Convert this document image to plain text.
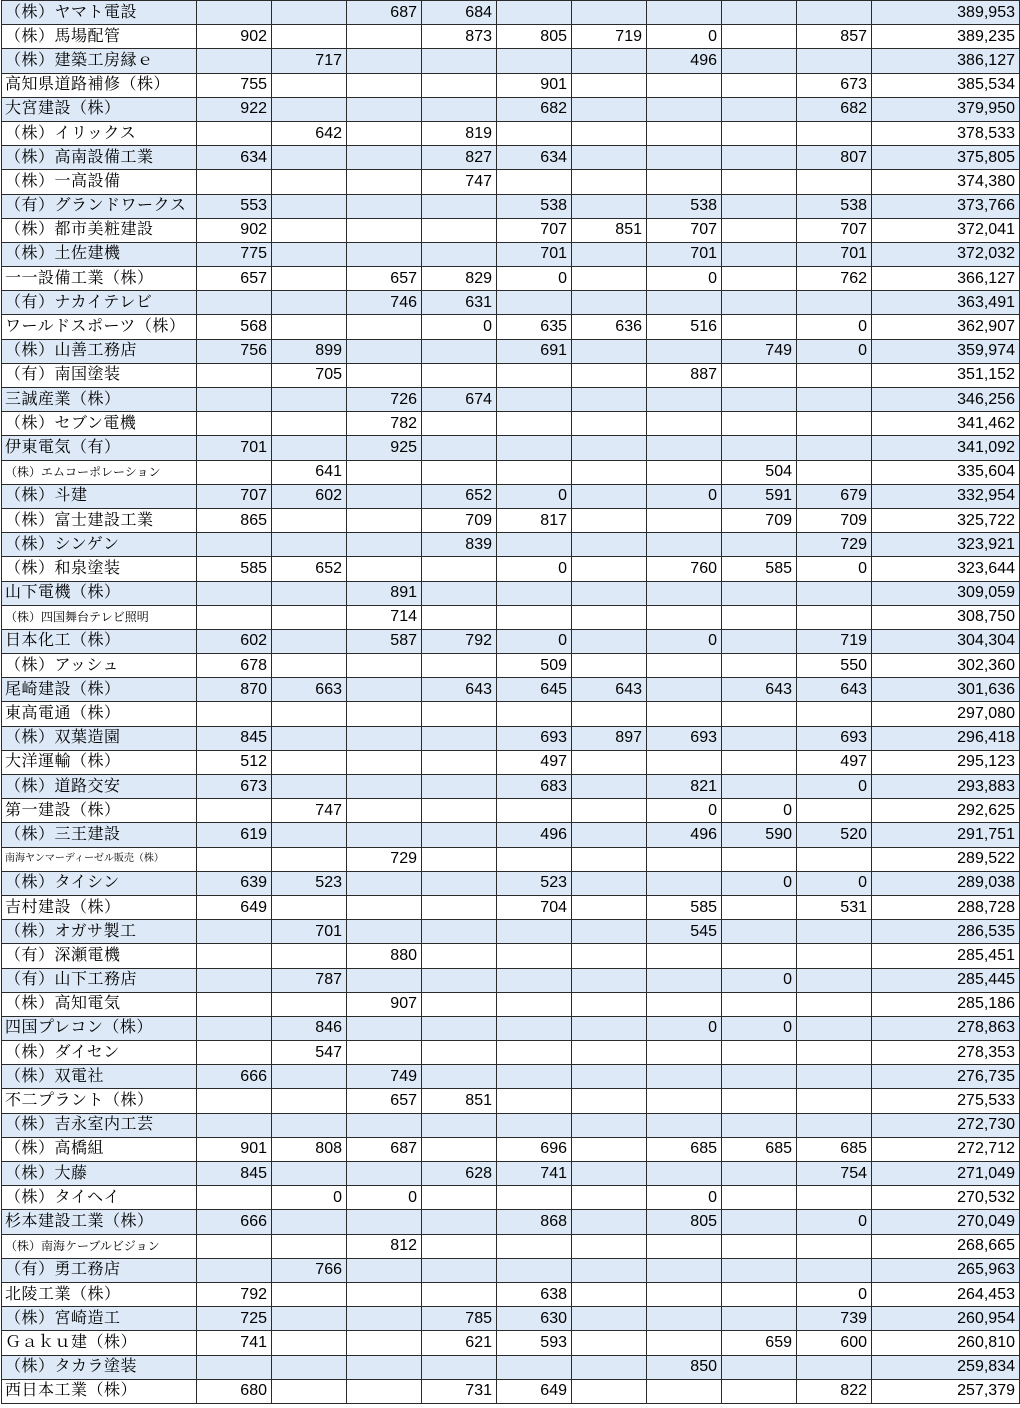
（株）ヤマト電設			687	684						389,953
（株）馬場配管	902			873	805	719	0		857	389,235
（株）建築工房縁ｅ		717					496			386,127
高知県道路補修（株）	755				901				673	385,534
大宮建設（株）	922				682				682	379,950
（株）イリックス		642		819						378,533
（株）高南設備工業	634			827	634				807	375,805
（株）一高設備				747						374,380
（有）グランドワークス	553				538		538		538	373,766
（株）都市美粧建設	902				707	851	707		707	372,041
（株）土佐建機	775				701		701		701	372,032
一一設備工業（株）	657		657	829	0		0		762	366,127
（有）ナカイテレビ			746	631						363,491
ワールドスポーツ（株）	568			0	635	636	516		0	362,907
（株）山善工務店	756	899			691			749	0	359,974
（有）南国塗装		705					887			351,152
三誠産業（株）			726	674						346,256
（株）セブン電機			782							341,462
伊東電気（有）	701		925							341,092
（株）エムコーポレーション		641						504		335,604
（株）斗建	707	602		652	0		0	591	679	332,954
（株）富士建設工業	865			709	817			709	709	325,722
（株）シンゲン				839					729	323,921
（株）和泉塗装	585	652			0		760	585	0	323,644
山下電機（株）			891							309,059
（株）四国舞台テレビ照明			714							308,750
日本化工（株）	602		587	792	0		0		719	304,304
（株）アッシュ	678				509				550	302,360
尾崎建設（株）	870	663		643	645	643		643	643	301,636
東高電通（株）										297,080
（株）双葉造園	845				693	897	693		693	296,418
大洋運輸（株）	512				497				497	295,123
（株）道路交安	673				683		821		0	293,883
第一建設（株）		747					0	0		292,625
（株）三王建設	619				496		496	590	520	291,751
南海ヤンマーディーゼル販売（株）			729							289,522
（株）タイシン	639	523			523			0	0	289,038
吉村建設（株）	649				704		585		531	288,728
（株）オガサ製工		701					545			286,535
（有）深瀬電機			880							285,451
（有）山下工務店		787						0		285,445
（株）高知電気			907							285,186
四国プレコン（株）		846					0	0		278,863
（株）ダイセン		547								278,353
（株）双電社	666		749							276,735
不二プラント（株）			657	851						275,533
（株）吉永室内工芸										272,730
（株）高橋組	901	808	687		696		685	685	685	272,712
（株）大藤	845			628	741				754	271,049
（株）タイヘイ		0	0				0			270,532
杉本建設工業（株）	666				868		805		0	270,049
（株）南海ケーブルビジョン			812							268,665
（有）勇工務店		766								265,963
北陵工業（株）	792				638				0	264,453
（株）宮崎造工	725			785	630				739	260,954
Ｇａｋｕ建（株）	741			621	593			659	600	260,810
（株）タカラ塗装							850			259,834
西日本工業（株）	680			731	649				822	257,379
